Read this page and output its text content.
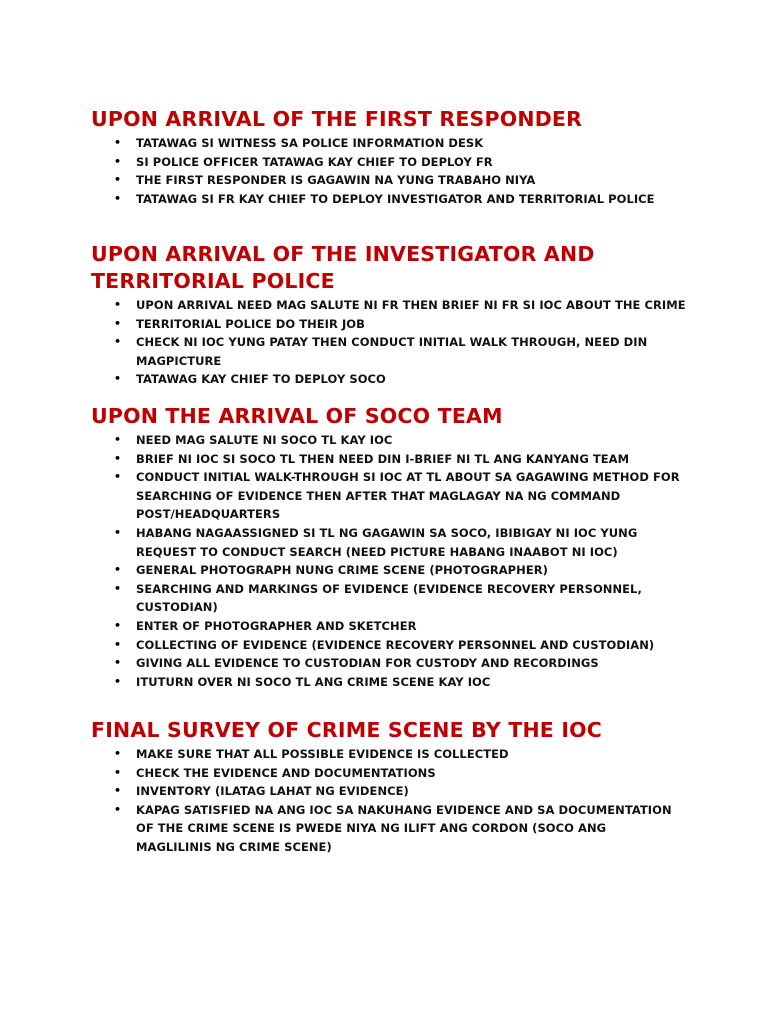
UPON ARRIVAL OF THE FIRST RESPONDER
• TATAWAG SI WITNESS SA POLICE INFORMATION DESK
• SI POLICE OFFICER TATAWAG KAY CHIEF TO DEPLOY FR
• THE FIRST RESPONDER IS GAGAWIN NA YUNG TRABAHO NIYA
• TATAWAG SI FR KAY CHIEF TO DEPLOY INVESTIGATOR AND TERRITORIAL POLICE
UPON ARRIVAL OF THE INVESTIGATOR AND TERRITORIAL POLICE
• UPON ARRIVAL NEED MAG SALUTE NI FR THEN BRIEF NI FR SI IOC ABOUT THE CRIME
• TERRITORIAL POLICE DO THEIR JOB
• CHECK NI IOC YUNG PATAY THEN CONDUCT INITIAL WALK THROUGH, NEED DIN MAGPICTURE
• TATAWAG KAY CHIEF TO DEPLOY SOCO
UPON THE ARRIVAL OF SOCO TEAM
• NEED MAG SALUTE NI SOCO TL KAY IOC
• BRIEF NI IOC SI SOCO TL THEN NEED DIN I-BRIEF NI TL ANG KANYANG TEAM
• CONDUCT INITIAL WALK-THROUGH SI IOC AT TL ABOUT SA GAGAWING METHOD FOR SEARCHING OF EVIDENCE THEN AFTER THAT MAGLAGAY NA NG COMMAND POST/HEADQUARTERS
• HABANG NAGAASSIGNED SI TL NG GAGAWIN SA SOCO, IBIBIGAY NI IOC YUNG REQUEST TO CONDUCT SEARCH (NEED PICTURE HABANG INAABOT NI IOC)
• GENERAL PHOTOGRAPH NUNG CRIME SCENE (PHOTOGRAPHER)
• SEARCHING AND MARKINGS OF EVIDENCE (EVIDENCE RECOVERY PERSONNEL, CUSTODIAN)
• ENTER OF PHOTOGRAPHER AND SKETCHER
• COLLECTING OF EVIDENCE (EVIDENCE RECOVERY PERSONNEL AND CUSTODIAN)
• GIVING ALL EVIDENCE TO CUSTODIAN FOR CUSTODY AND RECORDINGS
• ITUTURN OVER NI SOCO TL ANG CRIME SCENE KAY IOC
FINAL SURVEY OF CRIME SCENE BY THE IOC
• MAKE SURE THAT ALL POSSIBLE EVIDENCE IS COLLECTED
• CHECK THE EVIDENCE AND DOCUMENTATIONS
• INVENTORY (ILATAG LAHAT NG EVIDENCE)
• KAPAG SATISFIED NA ANG IOC SA NAKUHANG EVIDENCE AND SA DOCUMENTATION OF THE CRIME SCENE IS PWEDE NIYA NG ILIFT ANG CORDON (SOCO ANG MAGLILINIS NG CRIME SCENE)
